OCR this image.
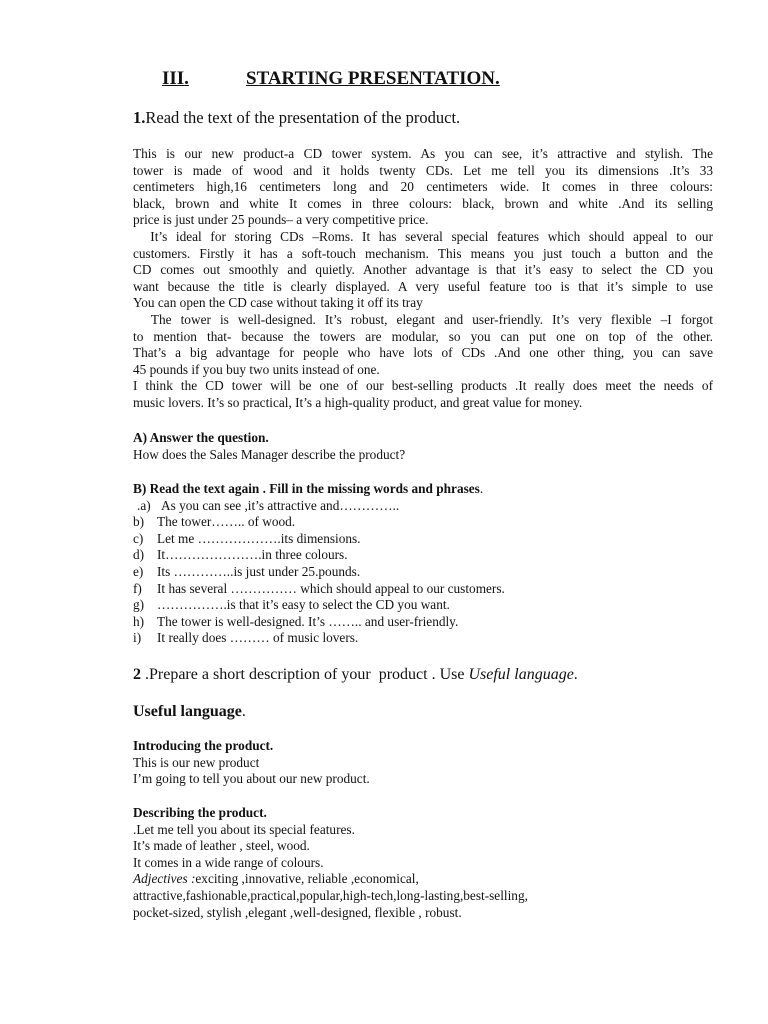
III.	STARTING PRESENTATION.
1.Read the text of the presentation of the product.
This is our new product-a CD tower system. As you can see, it’s attractive and stylish. The
tower is made of wood and it holds twenty CDs. Let me tell you its dimensions .It’s 33
centimeters high,16 centimeters long and 20 centimeters wide. It comes in three colours:
black, brown and white It comes in three colours: black, brown and white .And its selling
price is just under 25 pounds– a very competitive price.
It’s ideal for storing CDs –Roms. It has several special features which should appeal to our
customers. Firstly it has a soft-touch mechanism. This means you just touch a button and the
CD comes out smoothly and quietly. Another advantage is that it’s easy to select the CD you
want because the title is clearly displayed. A very useful feature too is that it’s simple to use
You can open the CD case without taking it off its tray
The tower is well-designed. It’s robust, elegant and user-friendly. It’s very flexible –I forgot
to mention that- because the towers are modular, so you can put one on top of the other.
That’s a big advantage for people who have lots of CDs .And one other thing, you can save
45 pounds if you buy two units instead of one.
I think the CD tower will be one of our best-selling products .It really does meet the needs of
music lovers. It’s so practical, It’s a high-quality product, and great value for money.
A) Answer the question.
How does the Sales Manager describe the product?
B) Read the text again . Fill in the missing words and phrases.
.a) As you can see ,it’s attractive and…………..
b) The tower…….. of wood.
c) Let me ……………….its dimensions.
d) It………………….in three colours.
e) Its …………..is just under 25.pounds.
f) It has several …………… which should appeal to our customers.
g) …………….is that it’s easy to select the CD you want.
h) The tower is well-designed. It’s …….. and user-friendly.
i) It really does ……… of music lovers.
2 .Prepare a short description of your  product . Use Useful language.
Useful language.
Introducing the product.
This is our new product
I’m going to tell you about our new product.
Describing the product.
.Let me tell you about its special features.
It’s made of leather , steel, wood.
It comes in a wide range of colours.
Adjectives :exciting ,innovative, reliable ,economical,
attractive,fashionable,practical,popular,high-tech,long-lasting,best-selling,
pocket-sized, stylish ,elegant ,well-designed, flexible , robust.
